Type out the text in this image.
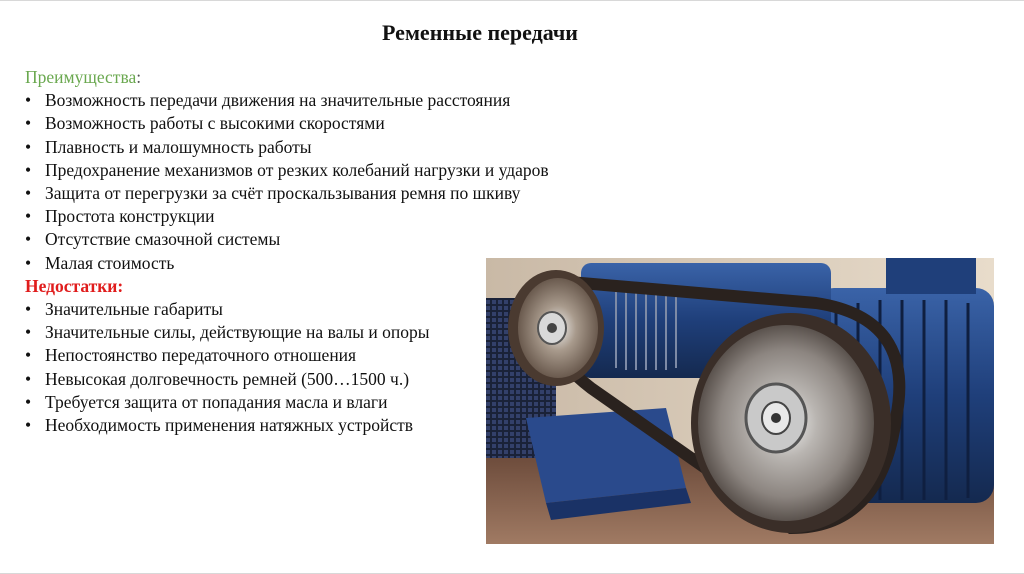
Ременные передачи
Преимущества:
• Возможность передачи движения на значительные расстояния
• Возможность работы с высокими скоростями
• Плавность и малошумность работы
• Предохранение механизмов от резких колебаний нагрузки и ударов
• Защита от перегрузки за счёт проскальзывания ремня по шкиву
• Простота конструкции
• Отсутствие смазочной системы
• Малая стоимость
Недостатки:
• Значительные габариты
• Значительные силы, действующие на валы и опоры
• Непостоянство передаточного отношения
• Невысокая долговечность ремней (500…1500 ч.)
• Требуется защита от попадания масла и влаги
• Необходимость применения натяжных устройств
